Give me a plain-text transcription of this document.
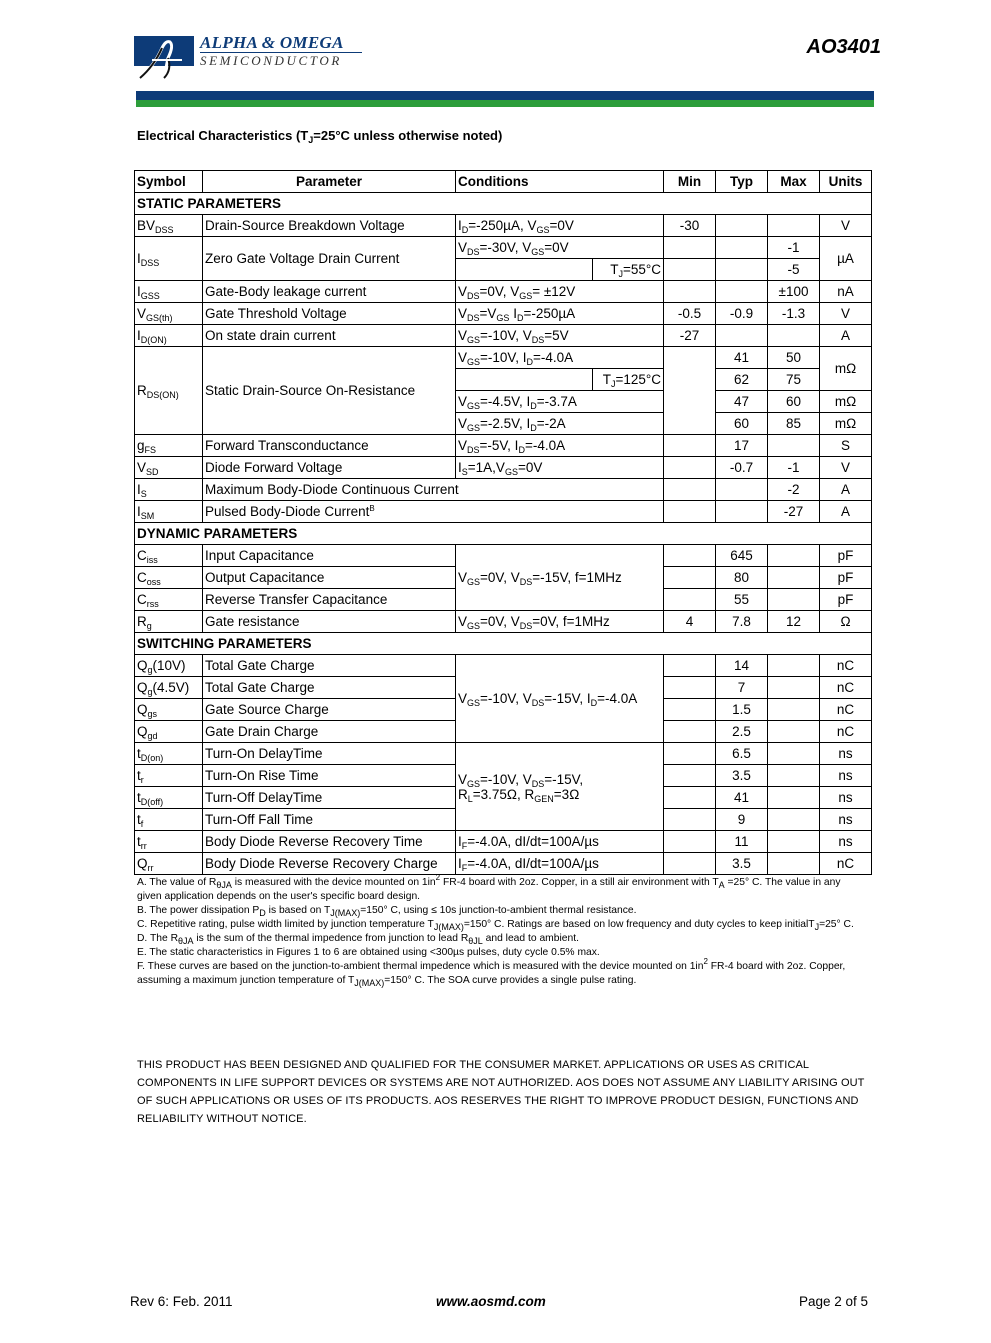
ALPHA & OMEGA
SEMICONDUCTOR
AO3401
Electrical Characteristics ($T_J=25^\circ C$ unless otherwise noted)
Symbol	Parameter	Conditions		Min	Typ	Max	Units
STATIC PARAMETERS							
$BV_{DSS}$	Drain-Source Breakdown Voltage	$I_D=-250\mu A$, $V_{GS}=0V$		-30			V
$I_{DSS}$	Zero Gate Voltage Drain Current	$V_{DS}=-30V$, $V_{GS}=0V$				-1	µA
			$T_J=55^\circ C$			-5	
$I_{GSS}$	Gate-Body leakage current	$V_{DS}=0V$, $V_{GS}= \pm 12V$				±100	nA
$V_{GS(th)}$	Gate Threshold Voltage	$V_{DS}=V_{GS}$ $I_D=-250\mu A$		-0.5	-0.9	-1.3	V
$I_{D(ON)}$	On state drain current	$V_{GS}=-10V$, $V_{DS}=5V$		-27			A
$R_{DS(ON)}$	Static Drain-Source On-Resistance	$V_{GS}=-10V$, $I_D=-4.0A$			41	50	mΩ
			$T_J=125^\circ C$		62	75	
		$V_{GS}=-4.5V$, $I_D=-3.7A$			47	60	mΩ
		$V_{GS}=-2.5V$, $I_D=-2A$			60	85	mΩ
$g_{FS}$	Forward Transconductance	$V_{DS}=-5V$, $I_D=-4.0A$			17		S
$V_{SD}$	Diode Forward Voltage	$I_S=1A,V_{GS}=0V$			-0.7	-1	V
$I_S$	Maximum Body-Diode Continuous Current					-2	A
$I_{SM}$	Pulsed Body-Diode Current$^B$					-27	A
DYNAMIC PARAMETERS							
$C_{iss}$	Input Capacitance	$V_{GS}=0V$, $V_{DS}=-15V$, f=1MHz			645		pF
$C_{oss}$	Output Capacitance				80		pF
$C_{rss}$	Reverse Transfer Capacitance				55		pF
$R_g$	Gate resistance	$V_{GS}=0V$, $V_{DS}=0V$, f=1MHz		4	7.8	12	Ω
SWITCHING PARAMETERS							
$Q_g(10V)$	Total Gate Charge	$V_{GS}=-10V$, $V_{DS}=-15V$, $I_D=-4.0A$			14		nC
$Q_g(4.5V)$	Total Gate Charge				7		nC
$Q_{gs}$	Gate Source Charge				1.5		nC
$Q_{gd}$	Gate Drain Charge				2.5		nC
$t_{D(on)}$	Turn-On DelayTime	$V_{GS}=-10V$, $V_{DS}=-15V$,
$R_L=3.75\Omega$, $R_{GEN}=3\Omega$			6.5		ns
$t_r$	Turn-On Rise Time				3.5		ns
$t_{D(off)}$	Turn-Off DelayTime				41		ns
$t_f$	Turn-Off Fall Time				9		ns
$t_{rr}$	Body Diode Reverse Recovery Time	$I_F=-4.0A$, dI/dt=100A/µs			11		ns
$Q_{rr}$	Body Diode Reverse Recovery Charge	$I_F=-4.0A$, dI/dt=100A/µs			3.5		nC

A. The value of $R_{\theta JA}$ is measured with the device mounted on $1in^2$ FR-4 board with 2oz. Copper, in a still air environment with $T_A =25^\circ$ C. The value in any given application depends on the user's specific board design.

B. The power dissipation $P_D$ is based on $T_{J(MAX)}=150^\circ$ C, using ≤ 10s junction-to-ambient thermal resistance.

C. Repetitive rating, pulse width limited by junction temperature $T_{J(MAX)}=150^\circ$ C. Ratings are based on low frequency and duty cycles to keep initialT$_J$=25° C.

D. The $R_{\theta JA}$ is the sum of the thermal impedence from junction to lead $R_{\theta JL}$ and lead to ambient.

E. The static characteristics in Figures 1 to 6 are obtained using <300µs pulses, duty cycle 0.5% max.

F. These curves are based on the junction-to-ambient thermal impedence which is measured with the device mounted on $1in^2$ FR-4 board with 2oz. Copper, assuming a maximum junction temperature of $T_{J(MAX)}=150^\circ$ C. The SOA curve provides a single pulse rating.

THIS PRODUCT HAS BEEN DESIGNED AND QUALIFIED FOR THE CONSUMER MARKET. APPLICATIONS OR USES AS CRITICAL COMPONENTS IN LIFE SUPPORT DEVICES OR SYSTEMS ARE NOT AUTHORIZED. AOS DOES NOT ASSUME ANY LIABILITY ARISING OUT OF SUCH APPLICATIONS OR USES OF ITS PRODUCTS. AOS RESERVES THE RIGHT TO IMPROVE PRODUCT DESIGN, FUNCTIONS AND RELIABILITY WITHOUT NOTICE.
Rev 6: Feb. 2011	www.aosmd.com	Page 2 of 5
